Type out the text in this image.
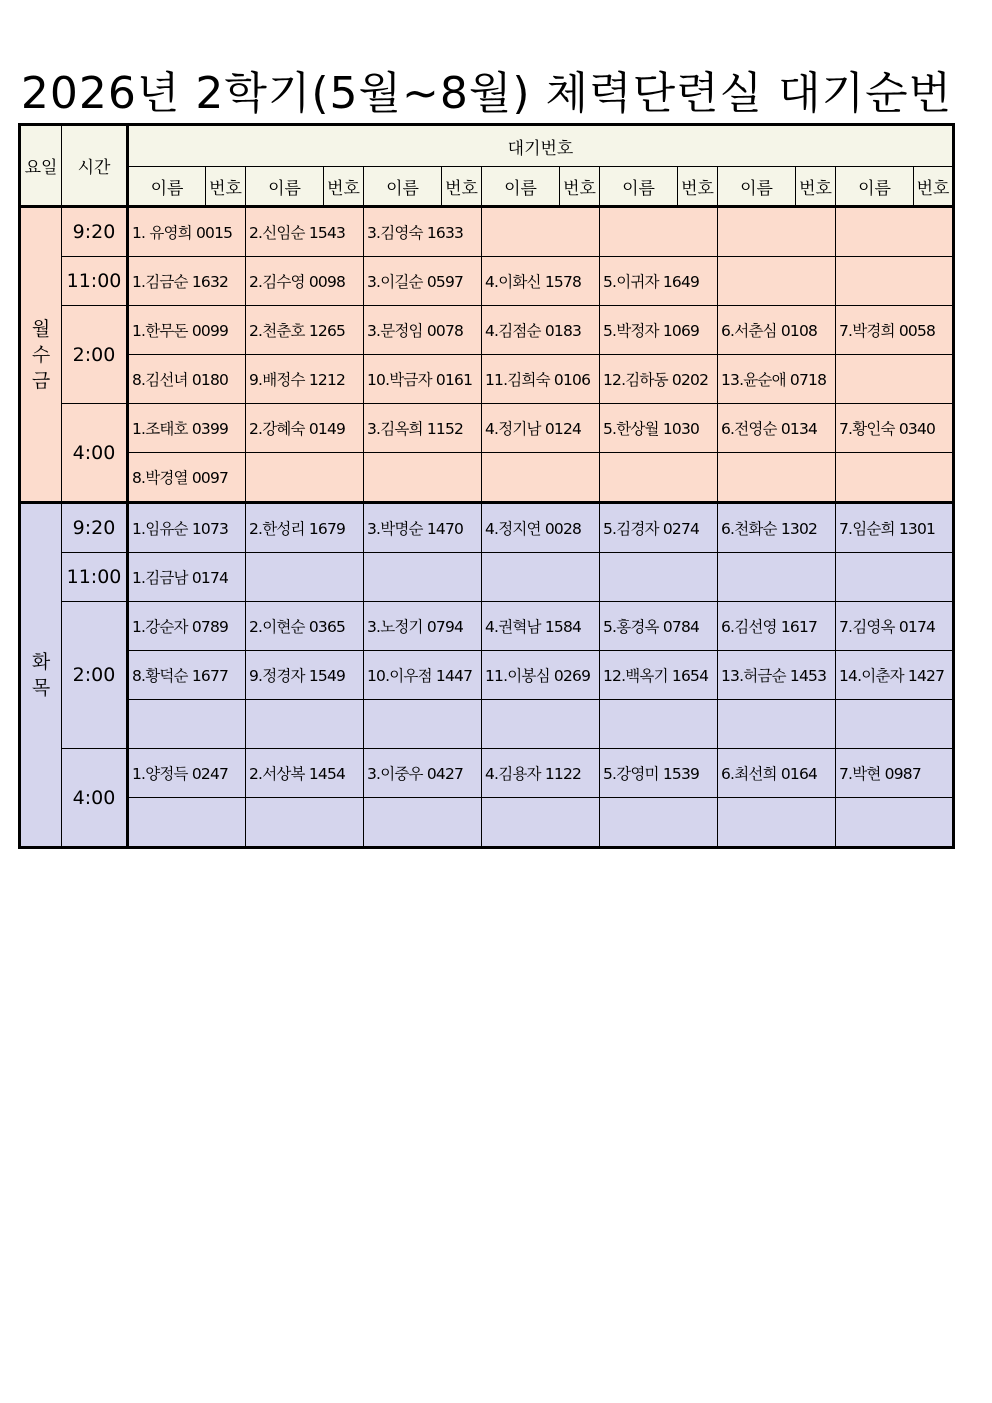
2026년 2학기(5월~8월) 체력단련실 대기순번
요일	시간	대기번호													
		이름	번호	이름	번호	이름	번호	이름	번호	이름	번호	이름	번호	이름	번호

월
수
금	9:20	1. 유영희 0015		2.신임순 1543		3.김영숙 1633									
	11:00	1.김금순 1632		2.김수영 0098		3.이길순 0597		4.이화신 1578		5.이귀자 1649					
	2:00	1.한무돈 0099		2.천춘호 1265		3.문정임 0078		4.김점순 0183		5.박정자 1069		6.서춘심 0108		7.박경희 0058	
		8.김선녀 0180		9.배정수 1212		10.박금자 0161		11.김희숙 0106		12.김하동 0202		13.윤순애 0718			
	4:00	1.조태호 0399		2.강혜숙 0149		3.김옥희 1152		4.정기남 0124		5.한상월 1030		6.전영순 0134		7.황인숙 0340	
		8.박경열 0097													

화
목	9:20	1.임유순 1073		2.한성리 1679		3.박명순 1470		4.정지연 0028		5.김경자 0274		6.천화순 1302		7.임순희 1301	
	11:00	1.김금남 0174													
	2:00	1.강순자 0789		2.이현순 0365		3.노정기 0794		4.권혁남 1584		5.홍경옥 0784		6.김선영 1617		7.김영옥 0174	
		8.황덕순 1677		9.정경자 1549		10.이우점 1447		11.이봉심 0269		12.백옥기 1654		13.허금순 1453		14.이춘자 1427	

	4:00	1.양정득 0247		2.서상복 1454		3.이중우 0427		4.김용자 1122		5.강영미 1539		6.최선희 0164		7.박현 0987	
